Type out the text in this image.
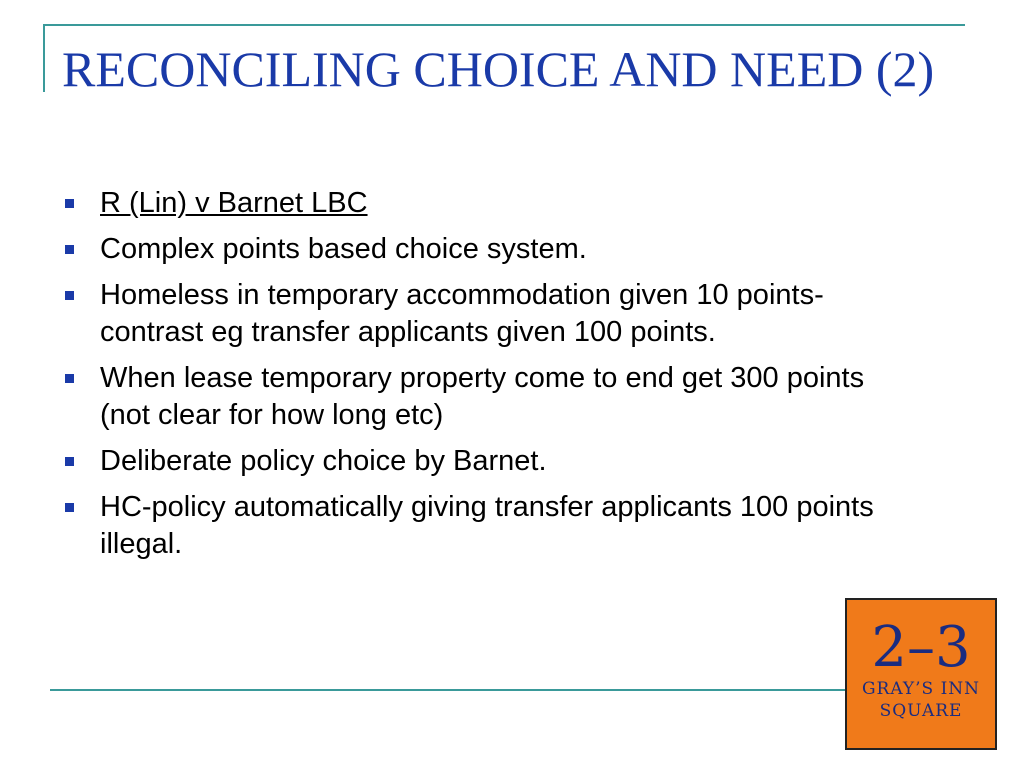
RECONCILING CHOICE AND NEED (2)
R (Lin) v Barnet LBC
Complex points based choice system.
Homeless in temporary accommodation given 10 points-contrast eg transfer applicants given 100 points.
When lease temporary property come to end get 300 points (not clear for how long etc)
Deliberate policy choice by Barnet.
HC-policy automatically giving transfer applicants 100 points illegal.
2–3
GRAY’S INN
SQUARE
